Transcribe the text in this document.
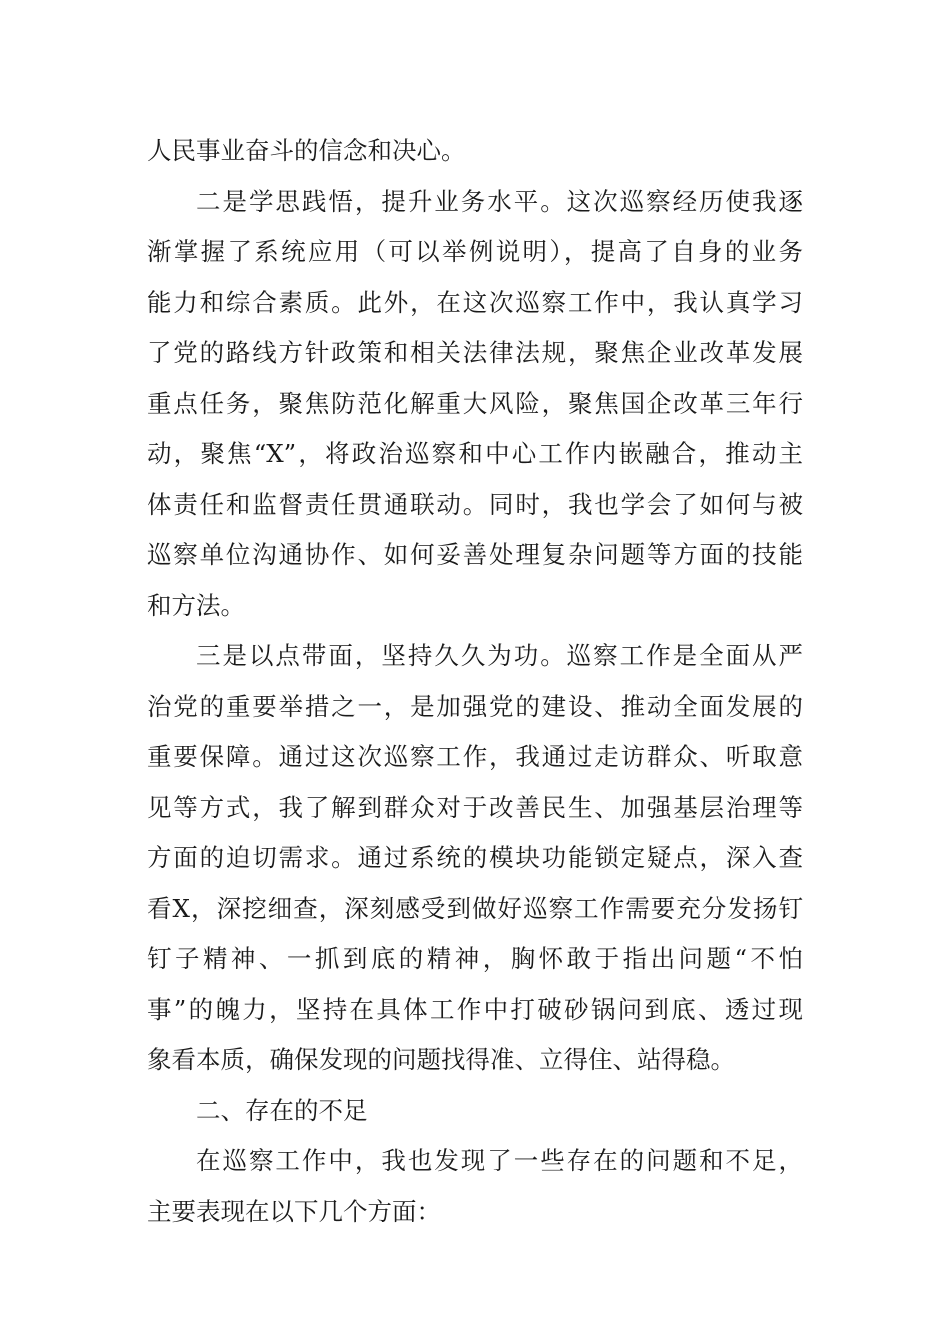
人民事业奋斗的信念和决心。
二是学思践悟，提升业务水平。这次巡察经历使我逐
渐掌握了系统应用（可以举例说明），提高了自身的业务
能力和综合素质。此外，在这次巡察工作中，我认真学习
了党的路线方针政策和相关法律法规，聚焦企业改革发展
重点任务，聚焦防范化解重大风险，聚焦国企改革三年行
动，聚焦“X”，将政治巡察和中心工作内嵌融合，推动主
体责任和监督责任贯通联动。同时，我也学会了如何与被
巡察单位沟通协作、如何妥善处理复杂问题等方面的技能
和方法。
三是以点带面，坚持久久为功。巡察工作是全面从严
治党的重要举措之一，是加强党的建设、推动全面发展的
重要保障。通过这次巡察工作，我通过走访群众、听取意
见等方式，我了解到群众对于改善民生、加强基层治理等
方面的迫切需求。通过系统的模块功能锁定疑点，深入查
看X，深挖细查，深刻感受到做好巡察工作需要充分发扬钉
钉子精神、一抓到底的精神，胸怀敢于指出问题“不怕
事”的魄力，坚持在具体工作中打破砂锅问到底、透过现
象看本质，确保发现的问题找得准、立得住、站得稳。
二、存在的不足
在巡察工作中，我也发现了一些存在的问题和不足，
主要表现在以下几个方面：
